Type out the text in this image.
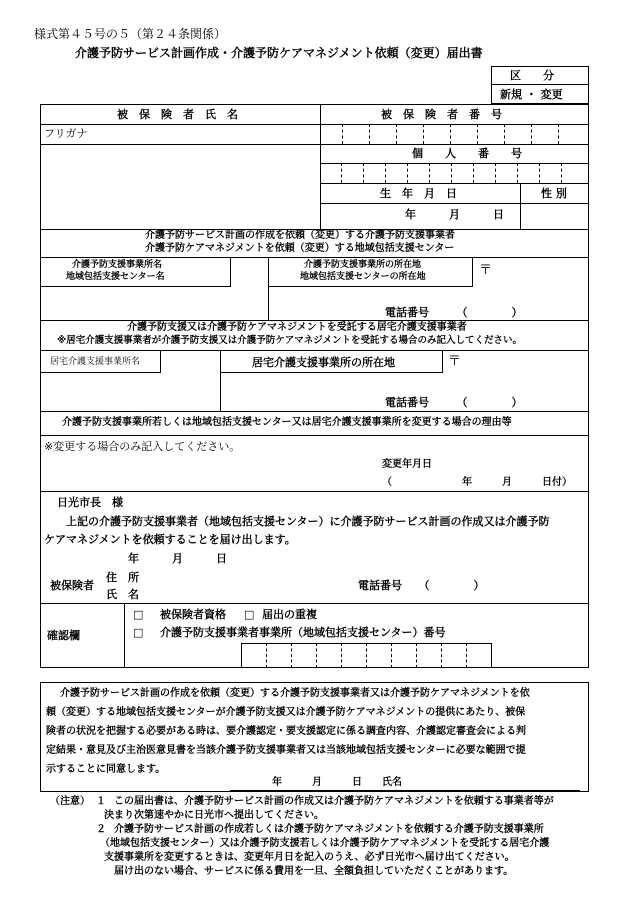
様式第４５号の５（第２４条関係）
介護予防サービス計画作成・介護予防ケアマネジメント依頼（変更）届出書
区　　分
新規 ・ 変更
被　保　険　者　氏　名	被　保　険　者　番　号
フリガナ
個　　人　　番　　号
生　年　月　日	性 別
年　　　月　　　日
介護予防サービス計画の作成を依頼（変更）する介護予防支援事業者
介護予防ケアマネジメントを依頼（変更）する地域包括支援センター
介護予防支援事業所名
地域包括支援センター名
介護予防支援事業所の所在地
地域包括支援センターの所在地	〒
電話番号　　　（　　　　）
介護予防支援又は介護予防ケアマネジメントを受託する居宅介護支援事業者
※居宅介護支援事業者が介護予防支援又は介護予防ケアマネジメントを受託する場合のみ記入してください。
居宅介護支援事業所名	居宅介護支援事業所の所在地	〒
電話番号　　　（　　　　）
介護予防支援事業所若しくは地域包括支援センター又は居宅介護支援事業所を変更する場合の理由等
※変更する場合のみ記入してください。
変更年月日
（　　　　　　　年　　　月　　　日付）
日光市長　様
上記の介護予防支援事業者（地域包括支援センター）に介護予防サービス計画の作成又は介護予防
ケアマネジメントを依頼することを届け出します。
年　　　月　　　日
被保険者
住　所
氏　名
電話番号　　（　　　　）
確認欄
□ 被保険者資格 □ 届出の重複
□ 介護予防支援事業者事業所（地域包括支援センター）番号
介護予防サービス計画の作成を依頼（変更）する介護予防支援事業者又は介護予防ケアマネジメントを依
頼（変更）する地域包括支援センターが介護予防支援又は介護予防ケアマネジメントの提供にあたり、被保
険者の状況を把握する必要がある時は、要介護認定・要支援認定に係る調査内容、介護認定審査会による判
定結果・意見及び主治医意見書を当該介護予防支援事業者又は当該地域包括支援センターに必要な範囲で提
示することに同意します。
年　　　月　　　日　　氏名
（注意） １ この届出書は、介護予防サービス計画の作成又は介護予防ケアマネジメントを依頼する事業者等が
決まり次第速やかに日光市へ提出してください。
２ 介護予防サービス計画の作成若しくは介護予防ケアマネジメントを依頼する介護予防支援事業所
（地域包括支援センター）又は介護予防支援若しくは介護予防ケアマネジメントを受託する居宅介護
支援事業所を変更するときは、変更年月日を記入のうえ、必ず日光市へ届け出てください。
届け出のない場合、サービスに係る費用を一旦、全額負担していただくことがあります。
